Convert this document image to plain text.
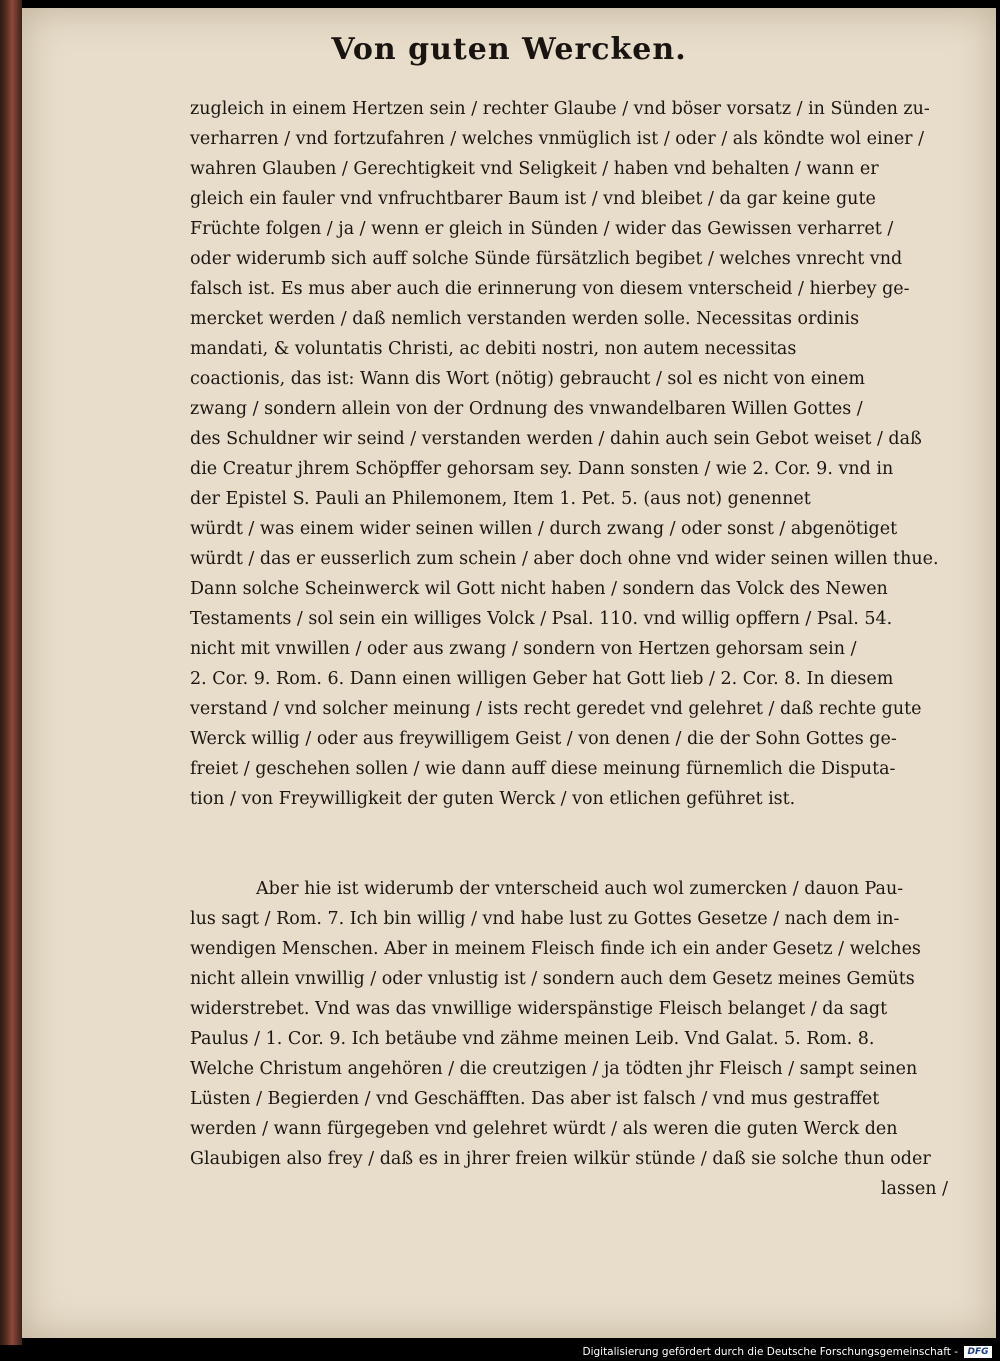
Von guten Wercken.
zugleich in einem Hertzen sein / rechter Glaube / vnd böser vorsatz / in Sünden zu-
verharren / vnd fortzufahren / welches vnmüglich ist / oder / als köndte wol einer /
wahren Glauben / Gerechtigkeit vnd Seligkeit / haben vnd behalten / wann er
gleich ein fauler vnd vnfruchtbarer Baum ist / vnd bleibet / da gar keine gute
Früchte folgen / ja / wenn er gleich in Sünden / wider das Gewissen verharret /
oder widerumb sich auff solche Sünde fürsätzlich begibet / welches vnrecht vnd
falsch ist. Es mus aber auch die erinnerung von diesem vnterscheid / hierbey ge-
mercket werden / daß nemlich verstanden werden solle. Necessitas ordinis
mandati, & voluntatis Christi, ac debiti nostri, non autem necessitas
coactionis, das ist: Wann dis Wort (nötig) gebraucht / sol es nicht von einem
zwang / sondern allein von der Ordnung des vnwandelbaren Willen Gottes /
des Schuldner wir seind / verstanden werden / dahin auch sein Gebot weiset / daß
die Creatur jhrem Schöpffer gehorsam sey. Dann sonsten / wie 2. Cor. 9. vnd in
der Epistel S. Pauli an Philemonem, Item 1. Pet. 5. (aus not) genennet
würdt / was einem wider seinen willen / durch zwang / oder sonst / abgenötiget
würdt / das er eusserlich zum schein / aber doch ohne vnd wider seinen willen thue.
Dann solche Scheinwerck wil Gott nicht haben / sondern das Volck des Newen
Testaments / sol sein ein williges Volck / Psal. 110. vnd willig opffern / Psal. 54.
nicht mit vnwillen / oder aus zwang / sondern von Hertzen gehorsam sein /
2. Cor. 9. Rom. 6. Dann einen willigen Geber hat Gott lieb / 2. Cor. 8. In diesem
verstand / vnd solcher meinung / ists recht geredet vnd gelehret / daß rechte gute
Werck willig / oder aus freywilligem Geist / von denen / die der Sohn Gottes ge-
freiet / geschehen sollen / wie dann auff diese meinung fürnemlich die Disputa-
tion / von Freywilligkeit der guten Werck / von etlichen geführet ist.
Aber hie ist widerumb der vnterscheid auch wol zumercken / dauon Pau-
lus sagt / Rom. 7. Ich bin willig / vnd habe lust zu Gottes Gesetze / nach dem in-
wendigen Menschen. Aber in meinem Fleisch finde ich ein ander Gesetz / welches
nicht allein vnwillig / oder vnlustig ist / sondern auch dem Gesetz meines Gemüts
widerstrebet. Vnd was das vnwillige widerspänstige Fleisch belanget / da sagt
Paulus / 1. Cor. 9. Ich betäube vnd zähme meinen Leib. Vnd Galat. 5. Rom. 8.
Welche Christum angehören / die creutzigen / ja tödten jhr Fleisch / sampt seinen
Lüsten / Begierden / vnd Geschäfften. Das aber ist falsch / vnd mus gestraffet
werden / wann fürgegeben vnd gelehret würdt / als weren die guten Werck den
Glaubigen also frey / daß es in jhrer freien wilkür stünde / daß sie solche thun oder
lassen /
Digitalisierung gefördert durch die Deutsche Forschungsgemeinschaft -	DFG
